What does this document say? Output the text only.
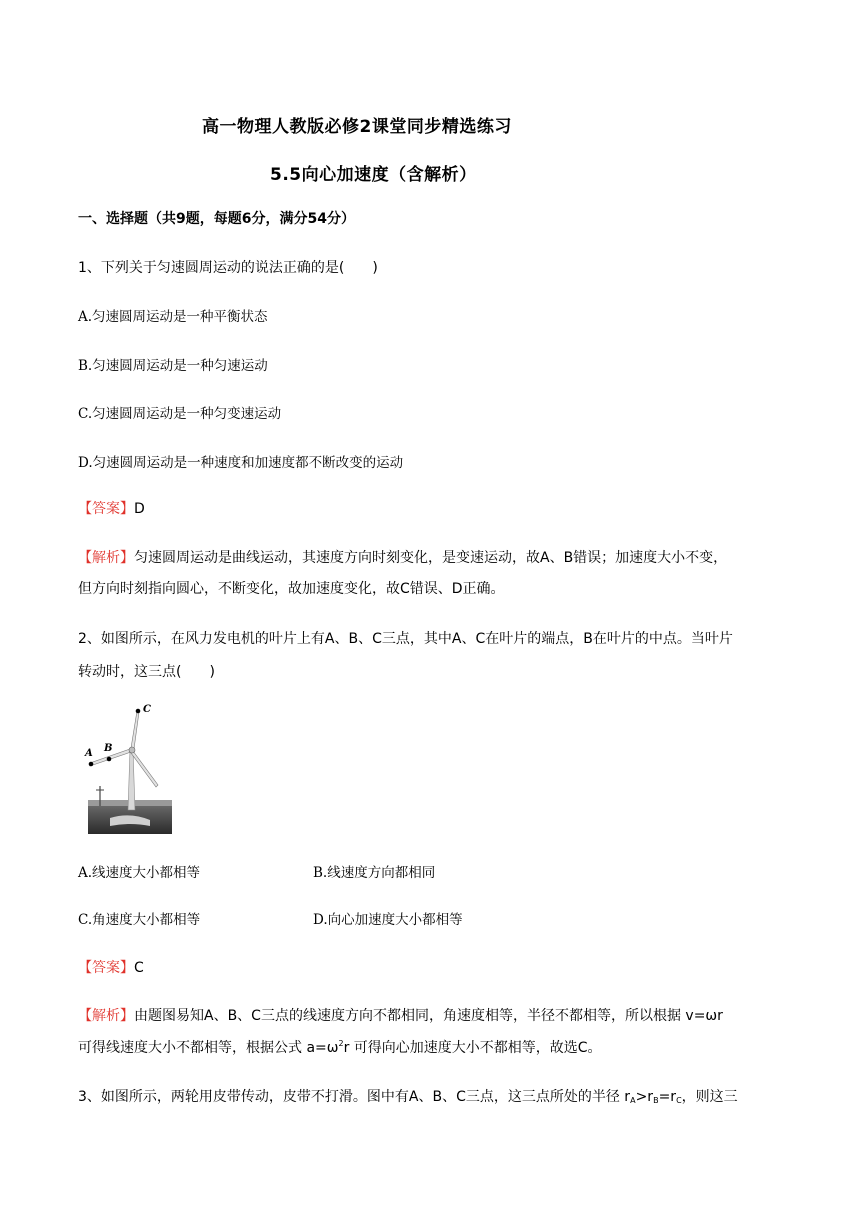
高一物理人教版必修2课堂同步精选练习
5.5向心加速度（含解析）
一、选择题（共9题，每题6分，满分54分）
1、下列关于匀速圆周运动的说法正确的是(　　)
A.匀速圆周运动是一种平衡状态
B.匀速圆周运动是一种匀速运动
C.匀速圆周运动是一种匀变速运动
D.匀速圆周运动是一种速度和加速度都不断改变的运动
【答案】D
【解析】匀速圆周运动是曲线运动，其速度方向时刻变化，是变速运动，故A、B错误；加速度大小不变，
但方向时刻指向圆心，不断变化，故加速度变化，故C错误、D正确。
2、如图所示，在风力发电机的叶片上有A、B、C三点，其中A、C在叶片的端点，B在叶片的中点。当叶片
转动时，这三点(　　)
A B
C
A.线速度大小都相等	B.线速度方向都相同
C.角速度大小都相等	D.向心加速度大小都相等
【答案】C
【解析】由题图易知A、B、C三点的线速度方向不都相同，角速度相等，半径不都相等，所以根据 v=ωr
可得线速度大小不都相等，根据公式 $a=\omega^2r$ 可得向心加速度大小不都相等，故选C。
3、如图所示，两轮用皮带传动，皮带不打滑。图中有A、B、C三点，这三点所处的半径 $r_A>r_B=r_C$，则这三
